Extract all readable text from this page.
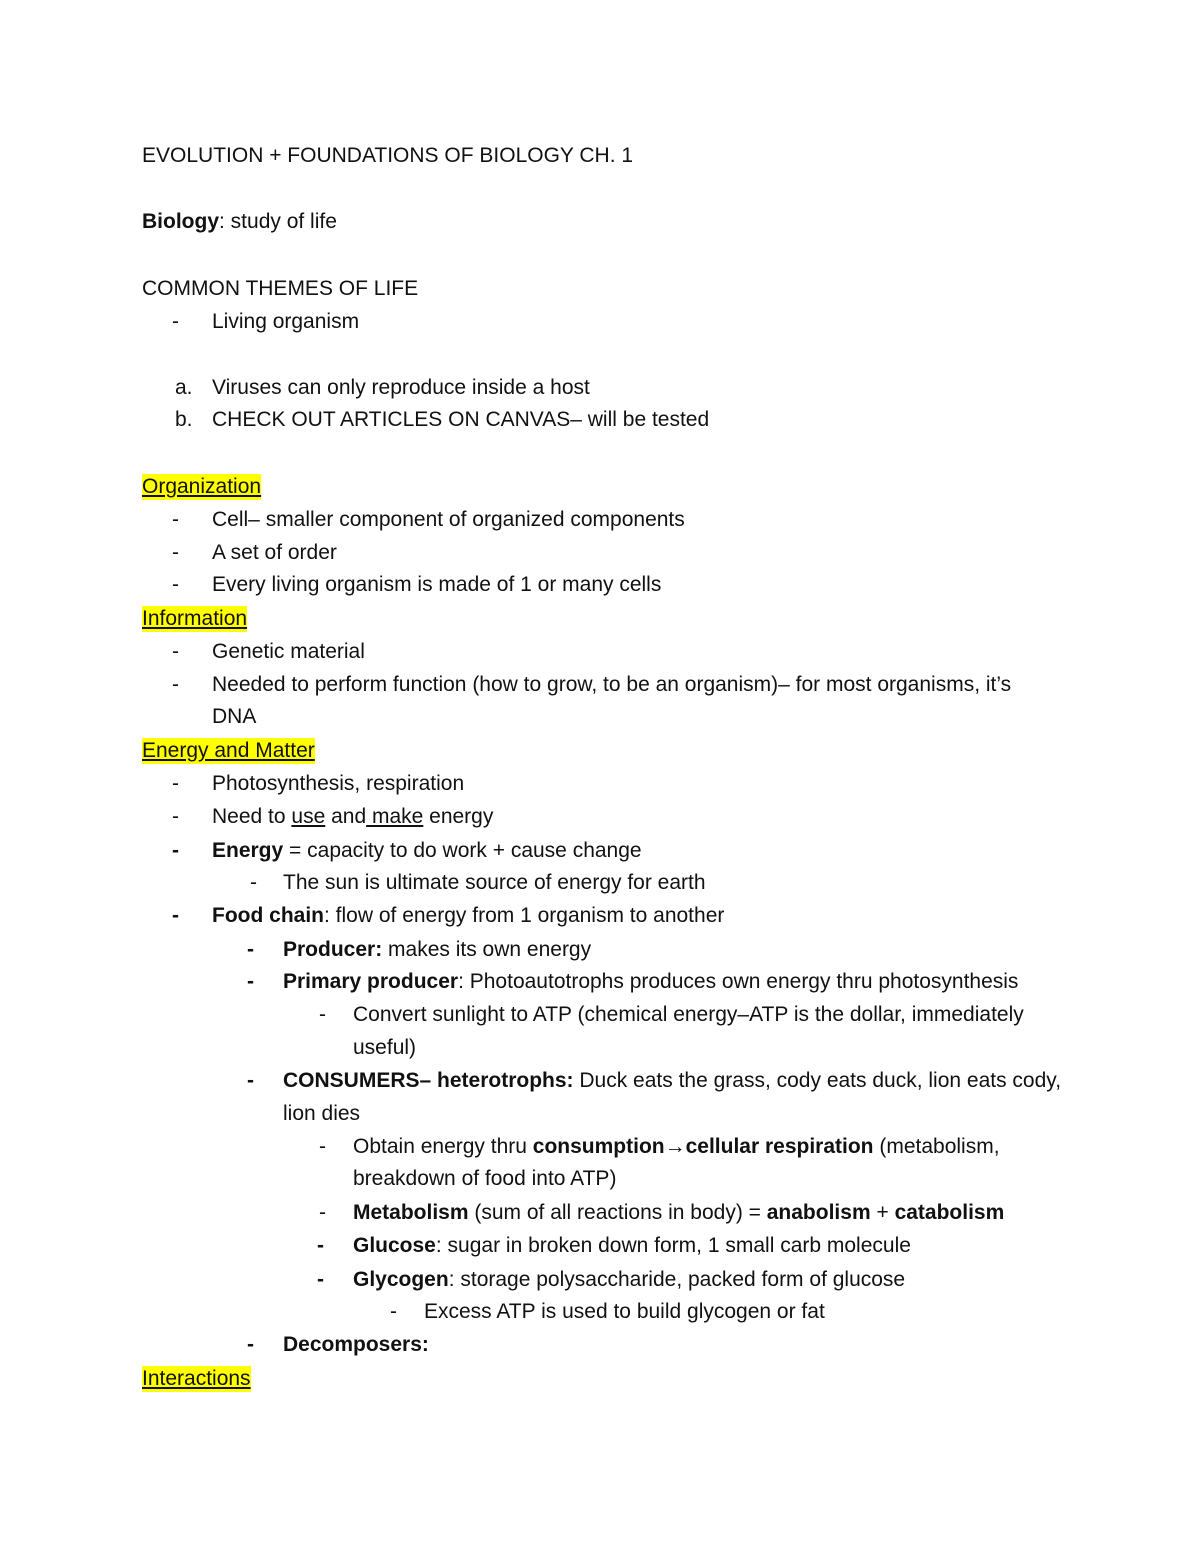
EVOLUTION + FOUNDATIONS OF BIOLOGY CH. 1
Biology: study of life
COMMON THEMES OF LIFE
-	Living organism
a. Viruses can only reproduce inside a host
b. CHECK OUT ARTICLES ON CANVAS– will be tested
Organization
-	Cell– smaller component of organized components
-	A set of order
-	Every living organism is made of 1 or many cells
Information
-	Genetic material
-	Needed to perform function (how to grow, to be an organism)– for most organisms, it’s
DNA
Energy and Matter
-	Photosynthesis, respiration
-	Need to use and make energy
-	Energy = capacity to do work + cause change
-	The sun is ultimate source of energy for earth
-	Food chain: flow of energy from 1 organism to another
-	Producer: makes its own energy
-	Primary producer: Photoautotrophs produces own energy thru photosynthesis
-	Convert sunlight to ATP (chemical energy–ATP is the dollar, immediately
useful)
-	CONSUMERS– heterotrophs: Duck eats the grass, cody eats duck, lion eats cody,
lion dies
-	Obtain energy thru consumption→cellular respiration (metabolism,
breakdown of food into ATP)
-	Metabolism (sum of all reactions in body) = anabolism + catabolism
-	Glucose: sugar in broken down form, 1 small carb molecule
-	Glycogen: storage polysaccharide, packed form of glucose
-	Excess ATP is used to build glycogen or fat
-	Decomposers:
Interactions
